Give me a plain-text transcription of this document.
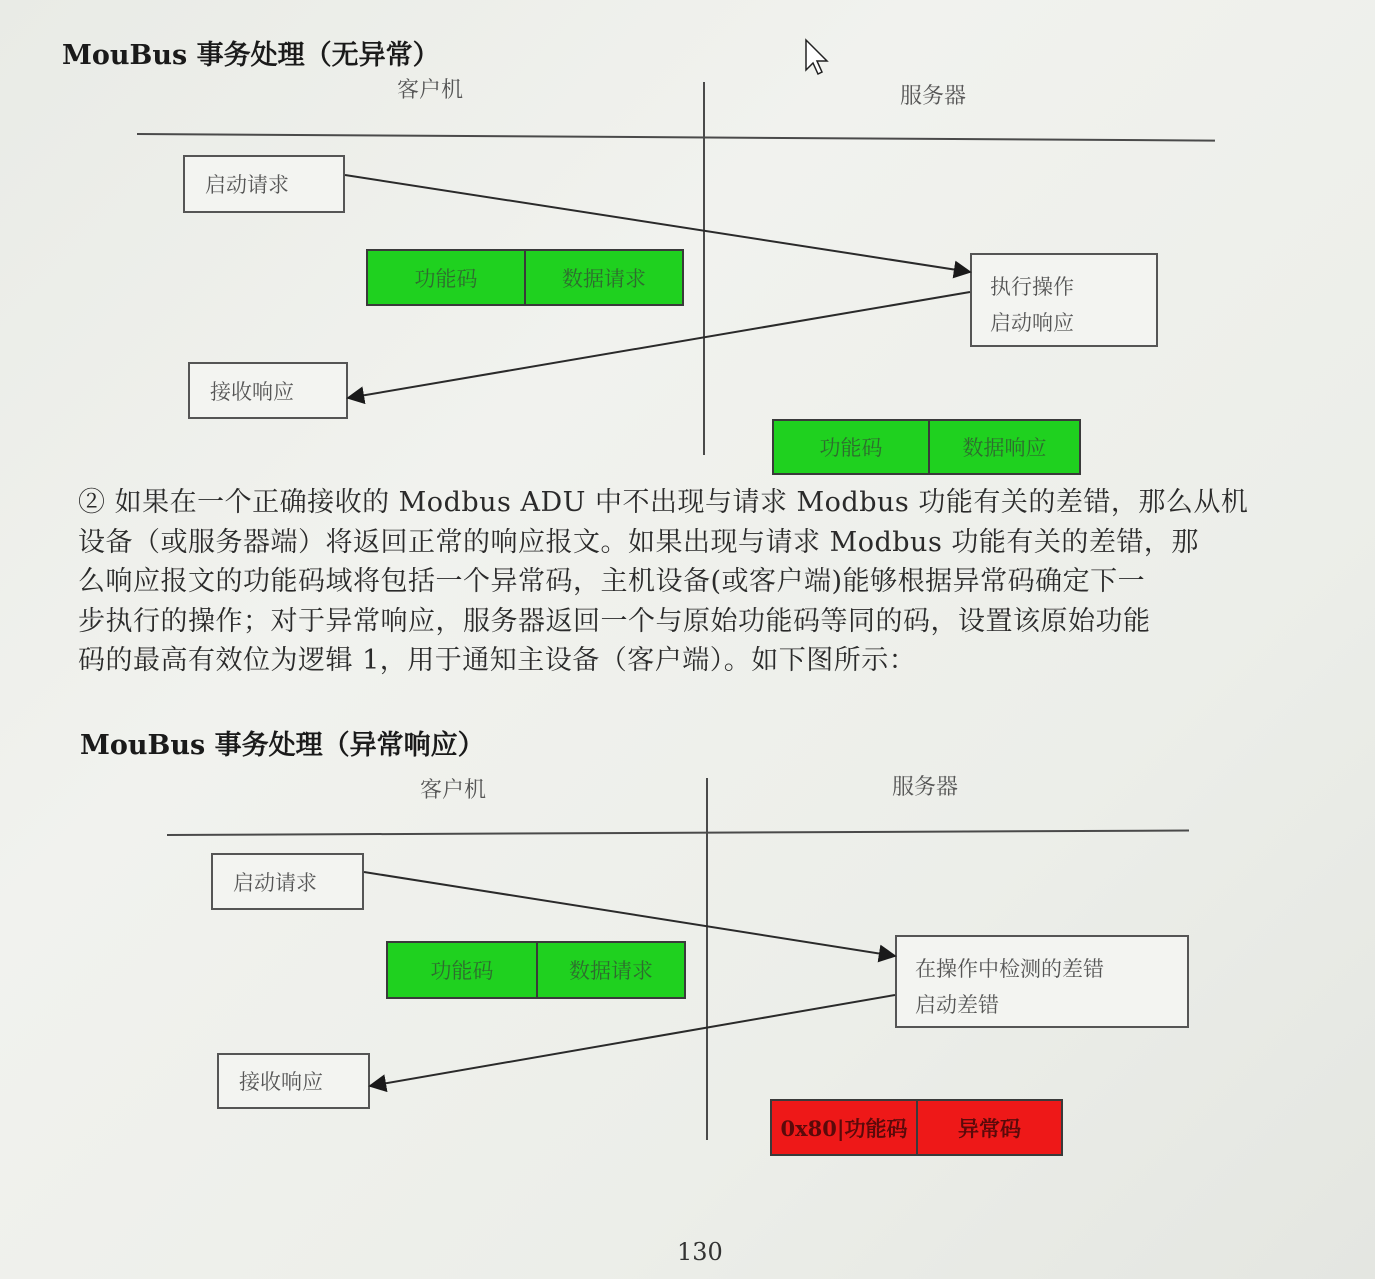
MouBus 事务处理（无异常）
客户机	服务器
启动请求
接收响应
执行操作
启动响应
功能码	数据请求
功能码	数据响应
② 如果在一个正确接收的 Modbus ADU 中不出现与请求 Modbus 功能有关的差错，那么从机
设备（或服务器端）将返回正常的响应报文。如果出现与请求 Modbus 功能有关的差错，那
么响应报文的功能码域将包括一个异常码，主机设备(或客户端)能够根据异常码确定下一
步执行的操作；对于异常响应，服务器返回一个与原始功能码等同的码，设置该原始功能
码的最高有效位为逻辑 1，用于通知主设备（客户端）。如下图所示：
MouBus 事务处理（异常响应）
客户机	服务器
启动请求
接收响应
在操作中检测的差错
启动差错
功能码	数据请求
0x80|功能码 异常码
130
